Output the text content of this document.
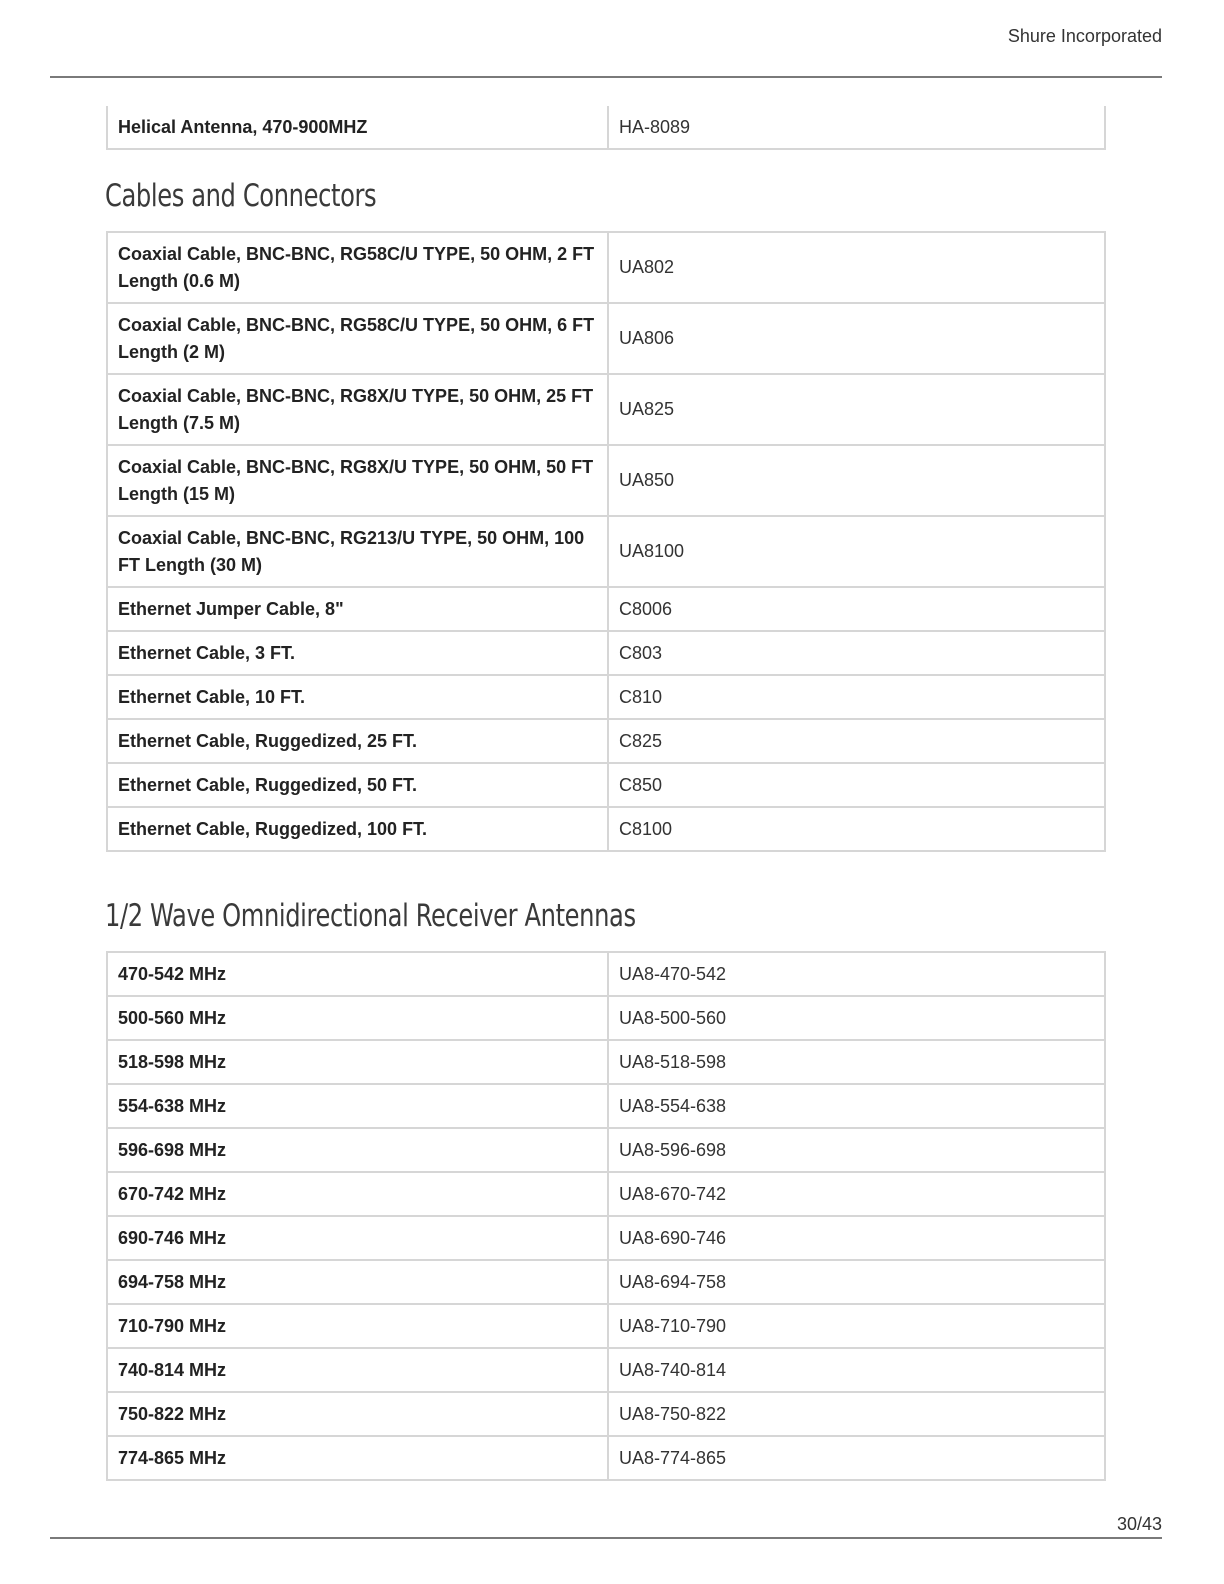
Shure Incorporated
Helical Antenna, 470-900MHZ	HA-8089
Cables and Connectors
Coaxial Cable, BNC-BNC, RG58C/U TYPE, 50 OHM, 2 FT Length (0.6 M)	UA802
Coaxial Cable, BNC-BNC, RG58C/U TYPE, 50 OHM, 6 FT Length (2 M)	UA806
Coaxial Cable, BNC-BNC, RG8X/U TYPE, 50 OHM, 25 FT Length (7.5 M)	UA825
Coaxial Cable, BNC-BNC, RG8X/U TYPE, 50 OHM, 50 FT Length (15 M)	UA850
Coaxial Cable, BNC-BNC, RG213/U TYPE, 50 OHM, 100 FT Length (30 M)	UA8100
Ethernet Jumper Cable, 8"	C8006
Ethernet Cable, 3 FT.	C803
Ethernet Cable, 10 FT.	C810
Ethernet Cable, Ruggedized, 25 FT.	C825
Ethernet Cable, Ruggedized, 50 FT.	C850
Ethernet Cable, Ruggedized, 100 FT.	C8100
1/2 Wave Omnidirectional Receiver Antennas
470-542 MHz	UA8-470-542
500-560 MHz	UA8-500-560
518-598 MHz	UA8-518-598
554-638 MHz	UA8-554-638
596-698 MHz	UA8-596-698
670-742 MHz	UA8-670-742
690-746 MHz	UA8-690-746
694-758 MHz	UA8-694-758
710-790 MHz	UA8-710-790
740-814 MHz	UA8-740-814
750-822 MHz	UA8-750-822
774-865 MHz	UA8-774-865
30/43
